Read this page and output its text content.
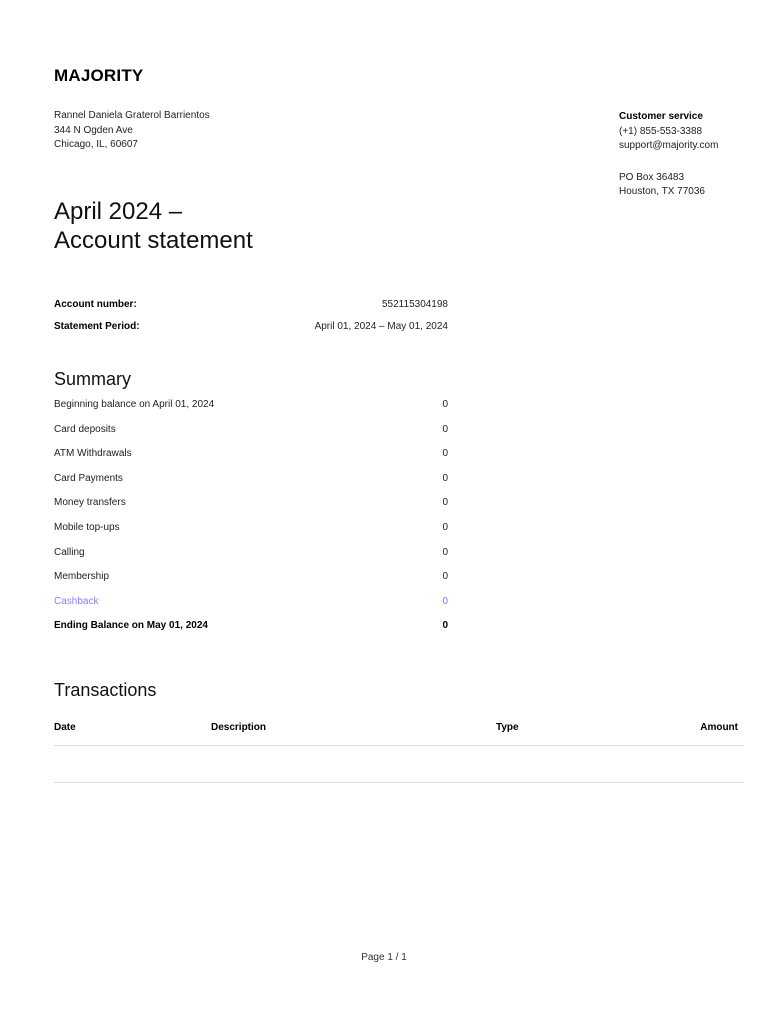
MAJORITY
Rannel Daniela Graterol Barrientos
344 N Ogden Ave
Chicago, IL, 60607
Customer service
(+1) 855-553-3388
support@majority.com
PO Box 36483
Houston, TX 77036
April 2024 –
Account statement
Account number:	552115304198
Statement Period:	April 01, 2024 – May 01, 2024
Summary
Beginning balance on April 01, 2024	0
Card deposits	0
ATM Withdrawals	0
Card Payments	0
Money transfers	0
Mobile top-ups	0
Calling	0
Membership	0
Cashback	0
Ending Balance on May 01, 2024	0
Transactions
Date	Description	Type	Amount
Page 1 / 1
